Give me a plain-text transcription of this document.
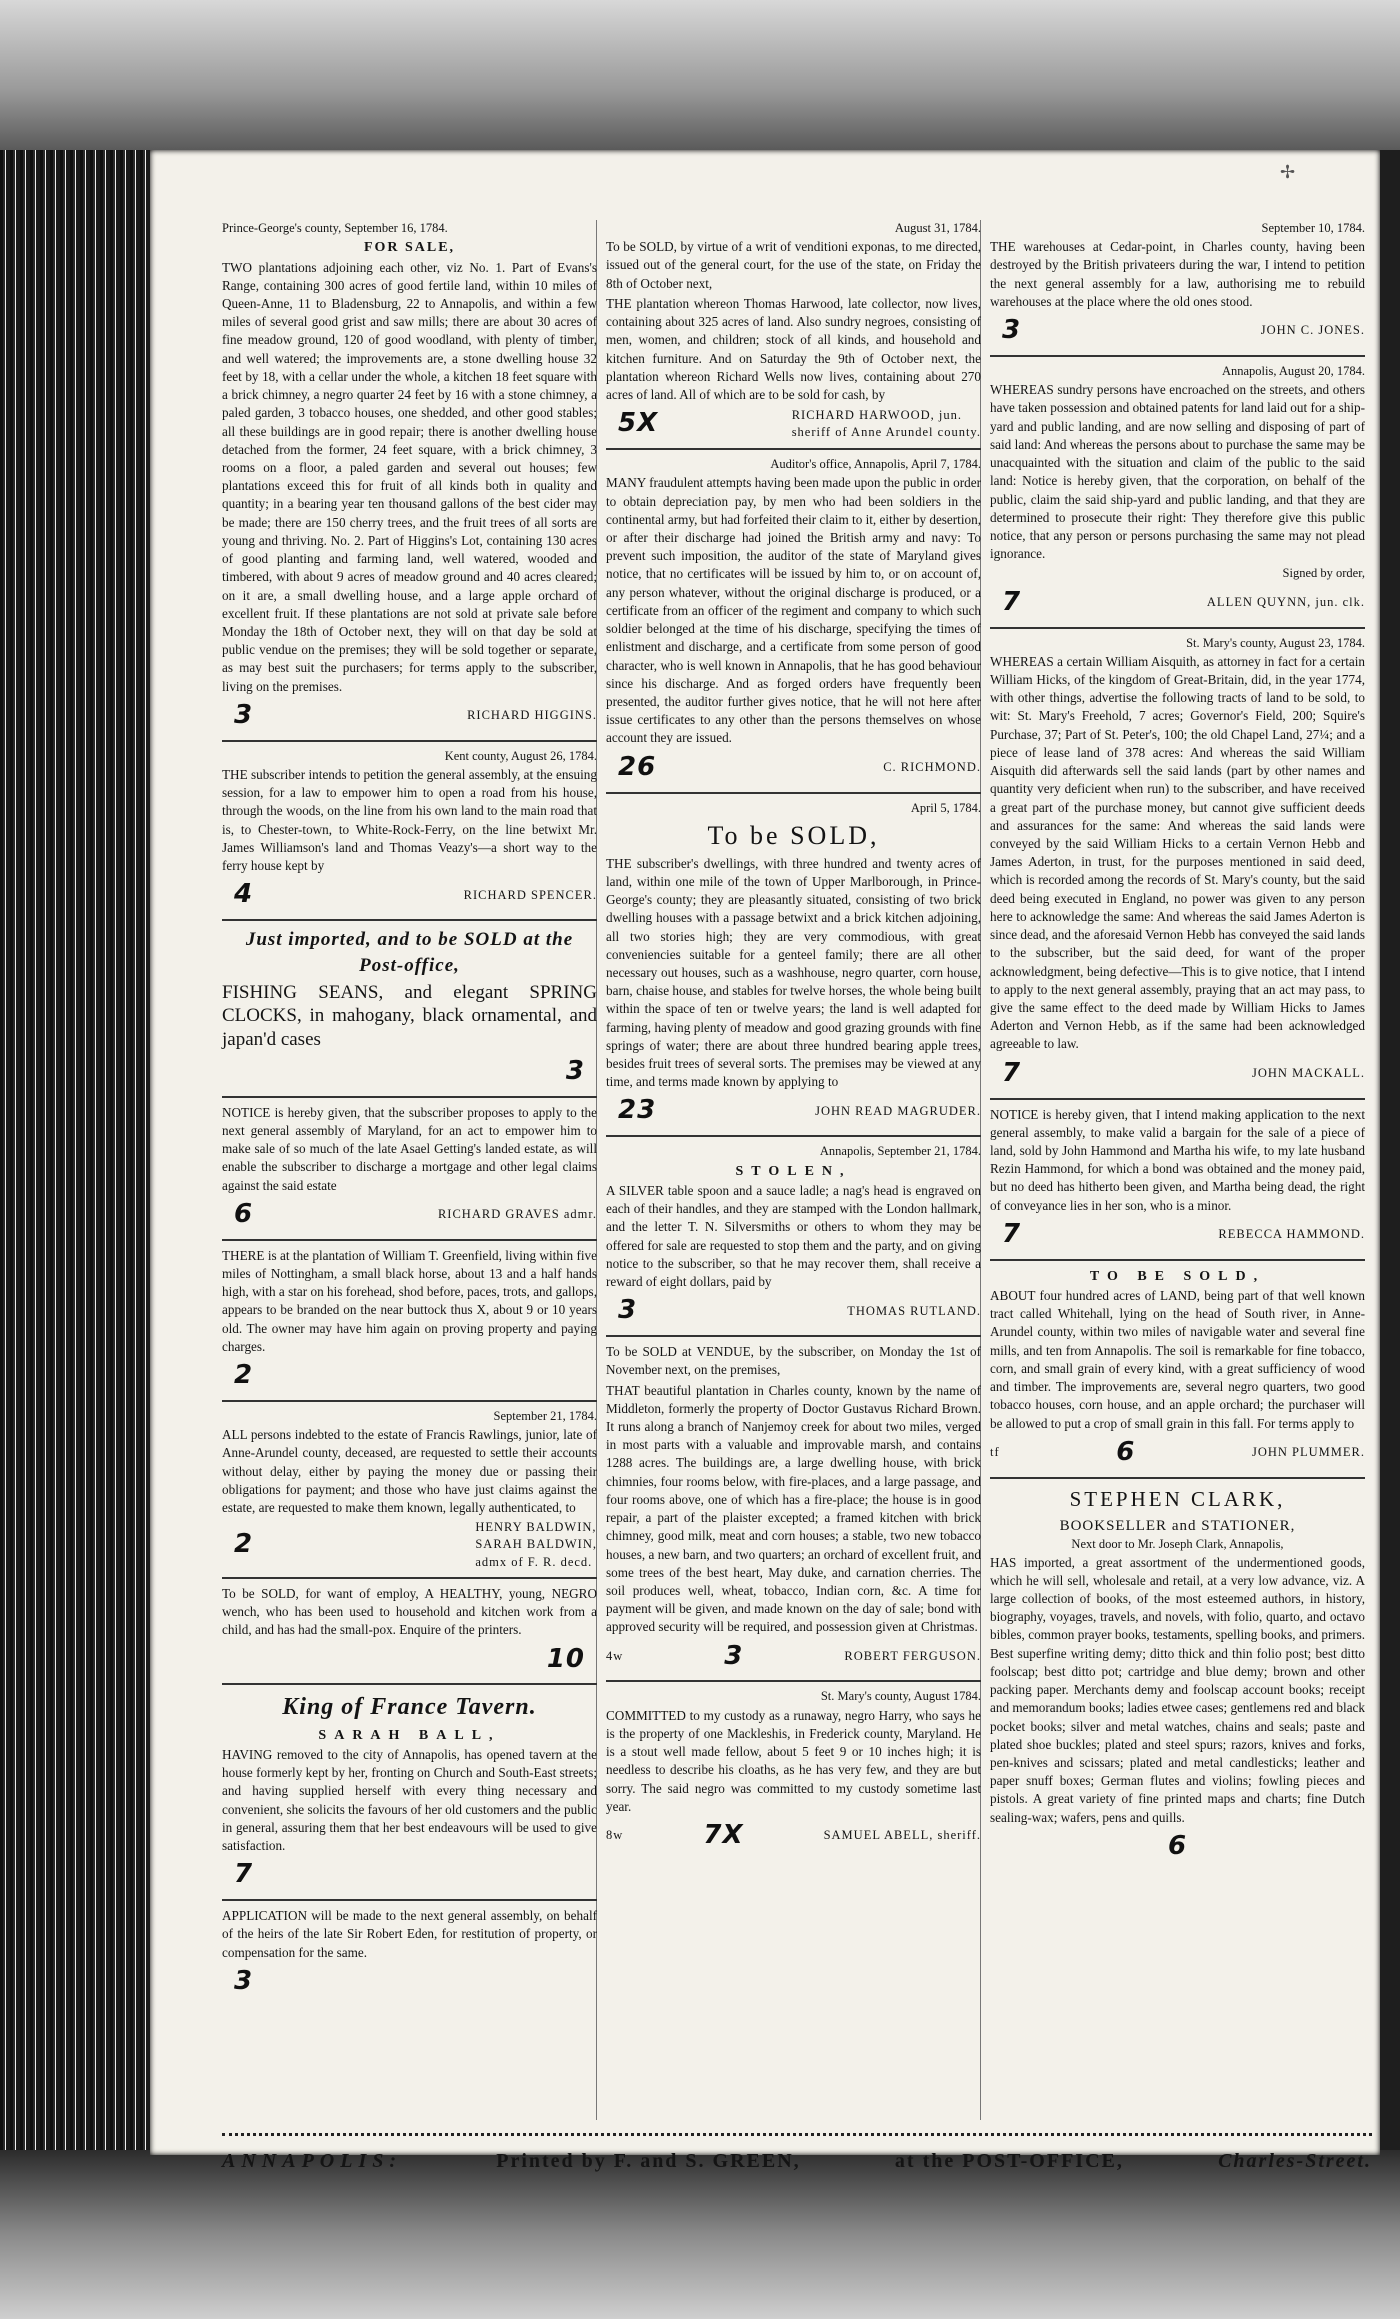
✢
Prince-George's county, September 16, 1784.
FOR SALE,

TWO plantations adjoining each other, viz No. 1. Part of Evans's Range, containing 300 acres of good fertile land, within 10 miles of Queen-Anne, 11 to Bladensburg, 22 to Annapolis, and within a few miles of several good grist and saw mills; there are about 30 acres of fine meadow ground, 120 of good woodland, with plenty of timber, and well watered; the improvements are, a stone dwelling house 32 feet by 18, with a cellar under the whole, a kitchen 18 feet square with a brick chimney, a negro quarter 24 feet by 16 with a stone chimney, a paled garden, 3 tobacco houses, one shedded, and other good stables; all these buildings are in good repair; there is another dwelling house detached from the former, 24 feet square, with a brick chimney, 3 rooms on a floor, a paled garden and several out houses; few plantations exceed this for fruit of all kinds both in quality and quantity; in a bearing year ten thousand gallons of the best cider may be made; there are 150 cherry trees, and the fruit trees of all sorts are young and thriving. No. 2. Part of Higgins's Lot, containing 130 acres of good planting and farming land, well watered, wooded and timbered, with about 9 acres of meadow ground and 40 acres cleared; on it are, a small dwelling house, and a large apple orchard of excellent fruit. If these plantations are not sold at private sale before Monday the 18th of October next, they will on that day be sold at public vendue on the premises; they will be sold together or separate, as may best suit the purchasers; for terms apply to the subscriber, living on the premises.

3	RICHARD HIGGINS.
Kent county, August 26, 1784.

THE subscriber intends to petition the general assembly, at the ensuing session, for a law to empower him to open a road from his house, through the woods, on the line from his own land to the main road that is, to Chester-town, to White-Rock-Ferry, on the line betwixt Mr. James Williamson's land and Thomas Veazy's—a short way to the ferry house kept by

4	RICHARD SPENCER.
Just imported, and to be SOLD at the Post-office,

FISHING SEANS, and elegant SPRING CLOCKS, in mahogany, black ornamental, and japan'd cases

3

NOTICE is hereby given, that the subscriber proposes to apply to the next general assembly of Maryland, for an act to empower him to make sale of so much of the late Asael Getting's landed estate, as will enable the subscriber to discharge a mortgage and other legal claims against the said estate

6	RICHARD GRAVES admr.

THERE is at the plantation of William T. Greenfield, living within five miles of Nottingham, a small black horse, about 13 and a half hands high, with a star on his forehead, shod before, paces, trots, and gallops, appears to be branded on the near buttock thus X, about 9 or 10 years old. The owner may have him again on proving property and paying charges.

2
September 21, 1784.

ALL persons indebted to the estate of Francis Rawlings, junior, late of Anne-Arundel county, deceased, are requested to settle their accounts without delay, either by paying the money due or passing their obligations for payment; and those who have just claims against the estate, are requested to make them known, legally authenticated, to

2
HENRY BALDWIN,
SARAH BALDWIN,
admx of F. R. decd.

To be SOLD, for want of employ, A HEALTHY, young, NEGRO wench, who has been used to household and kitchen work from a child, and has had the small-pox. Enquire of the printers.

10
King of France Tavern.
SARAH BALL,

HAVING removed to the city of Annapolis, has opened tavern at the house formerly kept by her, fronting on Church and South-East streets; and having supplied herself with every thing necessary and convenient, she solicits the favours of her old customers and the public in general, assuring them that her best endeavours will be used to give satisfaction.

7

APPLICATION will be made to the next general assembly, on behalf of the heirs of the late Sir Robert Eden, for restitution of property, or compensation for the same.

3
August 31, 1784.

To be SOLD, by virtue of a writ of venditioni exponas, to me directed, issued out of the general court, for the use of the state, on Friday the 8th of October next,

THE plantation whereon Thomas Harwood, late collector, now lives, containing about 325 acres of land. Also sundry negroes, consisting of men, women, and children; stock of all kinds, and household and kitchen furniture. And on Saturday the 9th of October next, the plantation whereon Richard Wells now lives, containing about 270 acres of land. All of which are to be sold for cash, by

5X	RICHARD HARWOOD, jun.
sheriff of Anne Arundel county.
Auditor's office, Annapolis, April 7, 1784.

MANY fraudulent attempts having been made upon the public in order to obtain depreciation pay, by men who had been soldiers in the continental army, but had forfeited their claim to it, either by desertion, or after their discharge had joined the British army and navy: To prevent such imposition, the auditor of the state of Maryland gives notice, that no certificates will be issued by him to, or on account of, any person whatever, without the original discharge is produced, or a certificate from an officer of the regiment and company to which such soldier belonged at the time of his discharge, specifying the times of enlistment and discharge, and a certificate from some person of good character, who is well known in Annapolis, that he has good behaviour since his discharge. And as forged orders have frequently been presented, the auditor further gives notice, that he will not here after issue certificates to any other than the persons themselves on whose account they are issued.

26	C. RICHMOND.
April 5, 1784.
To be SOLD,

THE subscriber's dwellings, with three hundred and twenty acres of land, within one mile of the town of Upper Marlborough, in Prince-George's county; they are pleasantly situated, consisting of two brick dwelling houses with a passage betwixt and a brick kitchen adjoining, all two stories high; they are very commodious, with great conveniencies suitable for a genteel family; there are all other necessary out houses, such as a washhouse, negro quarter, corn house, barn, chaise house, and stables for twelve horses, the whole being built within the space of ten or twelve years; the land is well adapted for farming, having plenty of meadow and good grazing grounds with fine springs of water; there are about three hundred bearing apple trees, besides fruit trees of several sorts. The premises may be viewed at any time, and terms made known by applying to

23	JOHN READ MAGRUDER.
Annapolis, September 21, 1784.
STOLEN,

A SILVER table spoon and a sauce ladle; a nag's head is engraved on each of their handles, and they are stamped with the London hallmark, and the letter T. N. Silversmiths or others to whom they may be offered for sale are requested to stop them and the party, and on giving notice to the subscriber, so that he may recover them, shall receive a reward of eight dollars, paid by

3	THOMAS RUTLAND.

To be SOLD at VENDUE, by the subscriber, on Monday the 1st of November next, on the premises,

THAT beautiful plantation in Charles county, known by the name of Middleton, formerly the property of Doctor Gustavus Richard Brown. It runs along a branch of Nanjemoy creek for about two miles, verged in most parts with a valuable and improvable marsh, and contains 1288 acres. The buildings are, a large dwelling house, with brick chimnies, four rooms below, with fire-places, and a large passage, and four rooms above, one of which has a fire-place; the house is in good repair, a part of the plaister excepted; a framed kitchen with brick chimney, good milk, meat and corn houses; a stable, two new tobacco houses, a new barn, and two quarters; an orchard of excellent fruit, and some trees of the best heart, May duke, and carnation cherries. The soil produces well, wheat, tobacco, Indian corn, &c. A time for payment will be given, and made known on the day of sale; bond with approved security will be required, and possession given at Christmas.

4w	3	ROBERT FERGUSON.
St. Mary's county, August 1784.

COMMITTED to my custody as a runaway, negro Harry, who says he is the property of one Mackleshis, in Frederick county, Maryland. He is a stout well made fellow, about 5 feet 9 or 10 inches high; it is needless to describe his cloaths, as he has very few, and they are but sorry. The said negro was committed to my custody sometime last year.

8w	7X	SAMUEL ABELL, sheriff.
September 10, 1784.

THE warehouses at Cedar-point, in Charles county, having been destroyed by the British privateers during the war, I intend to petition the next general assembly for a law, authorising me to rebuild warehouses at the place where the old ones stood.

3	JOHN C. JONES.
Annapolis, August 20, 1784.

WHEREAS sundry persons have encroached on the streets, and others have taken possession and obtained patents for land laid out for a ship-yard and public landing, and are now selling and disposing of part of said land: And whereas the persons about to purchase the same may be unacquainted with the situation and claim of the public to the said land: Notice is hereby given, that the corporation, on behalf of the public, claim the said ship-yard and public landing, and that they are determined to prosecute their right: They therefore give this public notice, that any person or persons purchasing the same may not plead ignorance.

Signed by order,
7	ALLEN QUYNN, jun. clk.
St. Mary's county, August 23, 1784.

WHEREAS a certain William Aisquith, as attorney in fact for a certain William Hicks, of the kingdom of Great-Britain, did, in the year 1774, with other things, advertise the following tracts of land to be sold, to wit: St. Mary's Freehold, 7 acres; Governor's Field, 200; Squire's Purchase, 37; Part of St. Peter's, 100; the old Chapel Land, 27¼; and a piece of lease land of 378 acres: And whereas the said William Aisquith did afterwards sell the said lands (part by other names and quantity very deficient when run) to the subscriber, and have received a great part of the purchase money, but cannot give sufficient deeds and assurances for the same: And whereas the said lands were conveyed by the said William Hicks to a certain Vernon Hebb and James Aderton, in trust, for the purposes mentioned in said deed, which is recorded among the records of St. Mary's county, but the said deed being executed in England, no power was given to any person here to acknowledge the same: And whereas the said James Aderton is since dead, and the aforesaid Vernon Hebb has conveyed the said lands to the subscriber, but the said deed, for want of the proper acknowledgment, being defective—This is to give notice, that I intend to apply to the next general assembly, praying that an act may pass, to give the same effect to the deed made by William Hicks to James Aderton and Vernon Hebb, as if the same had been acknowledged agreeable to law.

7	JOHN MACKALL.

NOTICE is hereby given, that I intend making application to the next general assembly, to make valid a bargain for the sale of a piece of land, sold by John Hammond and Martha his wife, to my late husband Rezin Hammond, for which a bond was obtained and the money paid, but no deed has hitherto been given, and Martha being dead, the right of conveyance lies in her son, who is a minor.

7	REBECCA HAMMOND.
TO BE SOLD,

ABOUT four hundred acres of LAND, being part of that well known tract called Whitehall, lying on the head of South river, in Anne-Arundel county, within two miles of navigable water and several fine mills, and ten from Annapolis. The soil is remarkable for fine tobacco, corn, and small grain of every kind, with a great sufficiency of wood and timber. The improvements are, several negro quarters, two good tobacco houses, corn house, and an apple orchard; the purchaser will be allowed to put a crop of small grain in this fall. For terms apply to

tf	6	JOHN PLUMMER.
STEPHEN CLARK,
BOOKSELLER and STATIONER,
Next door to Mr. Joseph Clark, Annapolis,

HAS imported, a great assortment of the undermentioned goods, which he will sell, wholesale and retail, at a very low advance, viz. A large collection of books, of the most esteemed authors, in history, biography, voyages, travels, and novels, with folio, quarto, and octavo bibles, common prayer books, testaments, spelling books, and primers. Best superfine writing demy; ditto thick and thin folio post; best ditto foolscap; best ditto pot; cartridge and blue demy; brown and other packing paper. Merchants demy and foolscap account books; receipt and memorandum books; ladies etwee cases; gentlemens red and black pocket books; silver and metal watches, chains and seals; paste and plated shoe buckles; plated and steel spurs; razors, knives and forks, pen-knives and scissars; plated and metal candlesticks; leather and paper snuff boxes; German flutes and violins; fowling pieces and pistols. A great variety of fine printed maps and charts; fine Dutch sealing-wax; wafers, pens and quills.

6
ANNAPOLIS:	Printed by F. and S. GREEN,	at the POST-OFFICE,	Charles-Street.
